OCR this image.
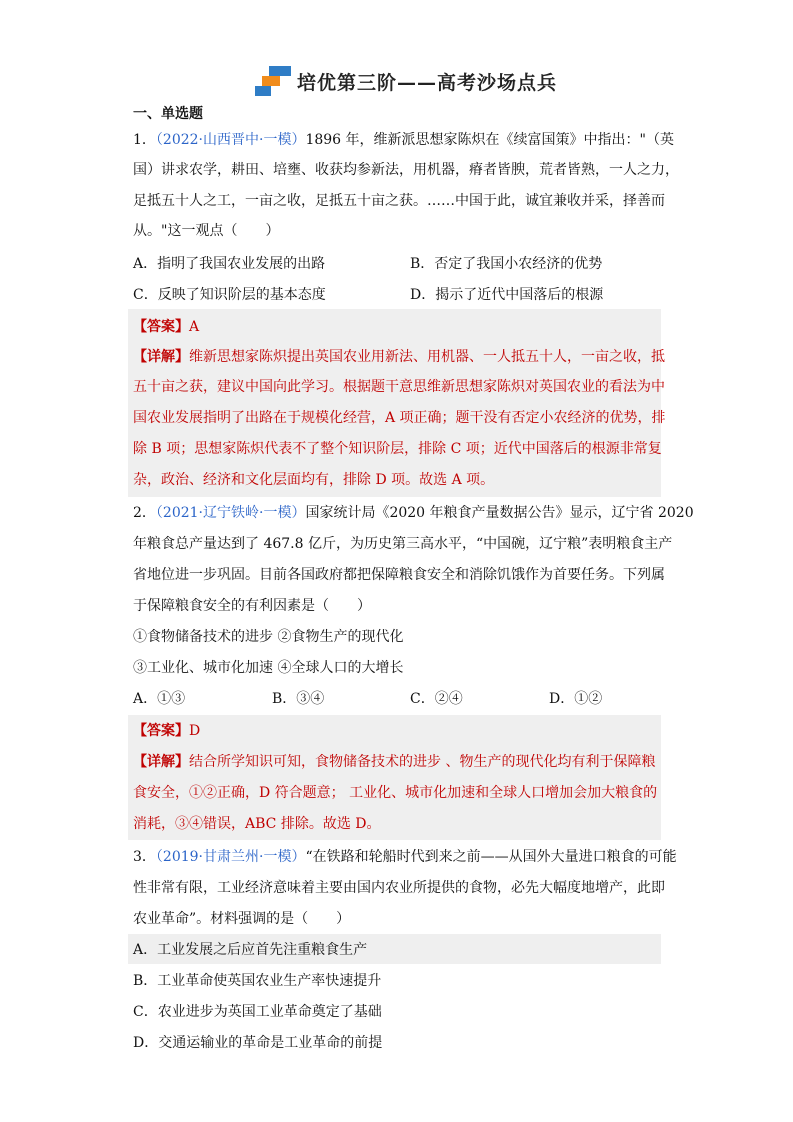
培优第三阶——高考沙场点兵
一、单选题
1．（2022·山西晋中·一模）1896 年，维新派思想家陈炽在《续富国策》中指出："（英
国）讲求农学，耕田、培壅、收获均参新法，用机器，瘠者皆腴，荒者皆熟，一人之力，
足抵五十人之工，一亩之收，足抵五十亩之获。……中国于此，诚宜兼收并采，择善而
从。"这一观点（　　）
A．指明了我国农业发展的出路	B．否定了我国小农经济的优势
C．反映了知识阶层的基本态度	D．揭示了近代中国落后的根源
【答案】A
【详解】维新思想家陈炽提出英国农业用新法、用机器、一人抵五十人，一亩之收，抵
五十亩之获，建议中国向此学习。根据题干意思维新思想家陈炽对英国农业的看法为中
国农业发展指明了出路在于规模化经营，A 项正确；题干没有否定小农经济的优势，排
除 B 项；思想家陈炽代表不了整个知识阶层，排除 C 项；近代中国落后的根源非常复
杂，政治、经济和文化层面均有，排除 D 项。故选 A 项。
2．（2021·辽宁铁岭·一模）国家统计局《2020 年粮食产量数据公告》显示，辽宁省 2020
年粮食总产量达到了 467.8 亿斤，为历史第三高水平，“中国碗，辽宁粮”表明粮食主产
省地位进一步巩固。目前各国政府都把保障粮食安全和消除饥饿作为首要任务。下列属
于保障粮食安全的有利因素是（　　）
①食物储备技术的进步 ②食物生产的现代化
③工业化、城市化加速 ④全球人口的大增长
A．①③	B．③④	C．②④	D．①②
【答案】D
【详解】结合所学知识可知，食物储备技术的进步 、物生产的现代化均有利于保障粮
食安全，①②正确，D 符合题意； 工业化、城市化加速和全球人口增加会加大粮食的
消耗，③④错误，ABC 排除。故选 D。
3．（2019·甘肃兰州·一模）“在铁路和轮船时代到来之前——从国外大量进口粮食的可能
性非常有限，工业经济意味着主要由国内农业所提供的食物，必先大幅度地增产，此即
农业革命”。材料强调的是（　　）
A．工业发展之后应首先注重粮食生产
B．工业革命使英国农业生产率快速提升
C．农业进步为英国工业革命奠定了基础
D．交通运输业的革命是工业革命的前提
